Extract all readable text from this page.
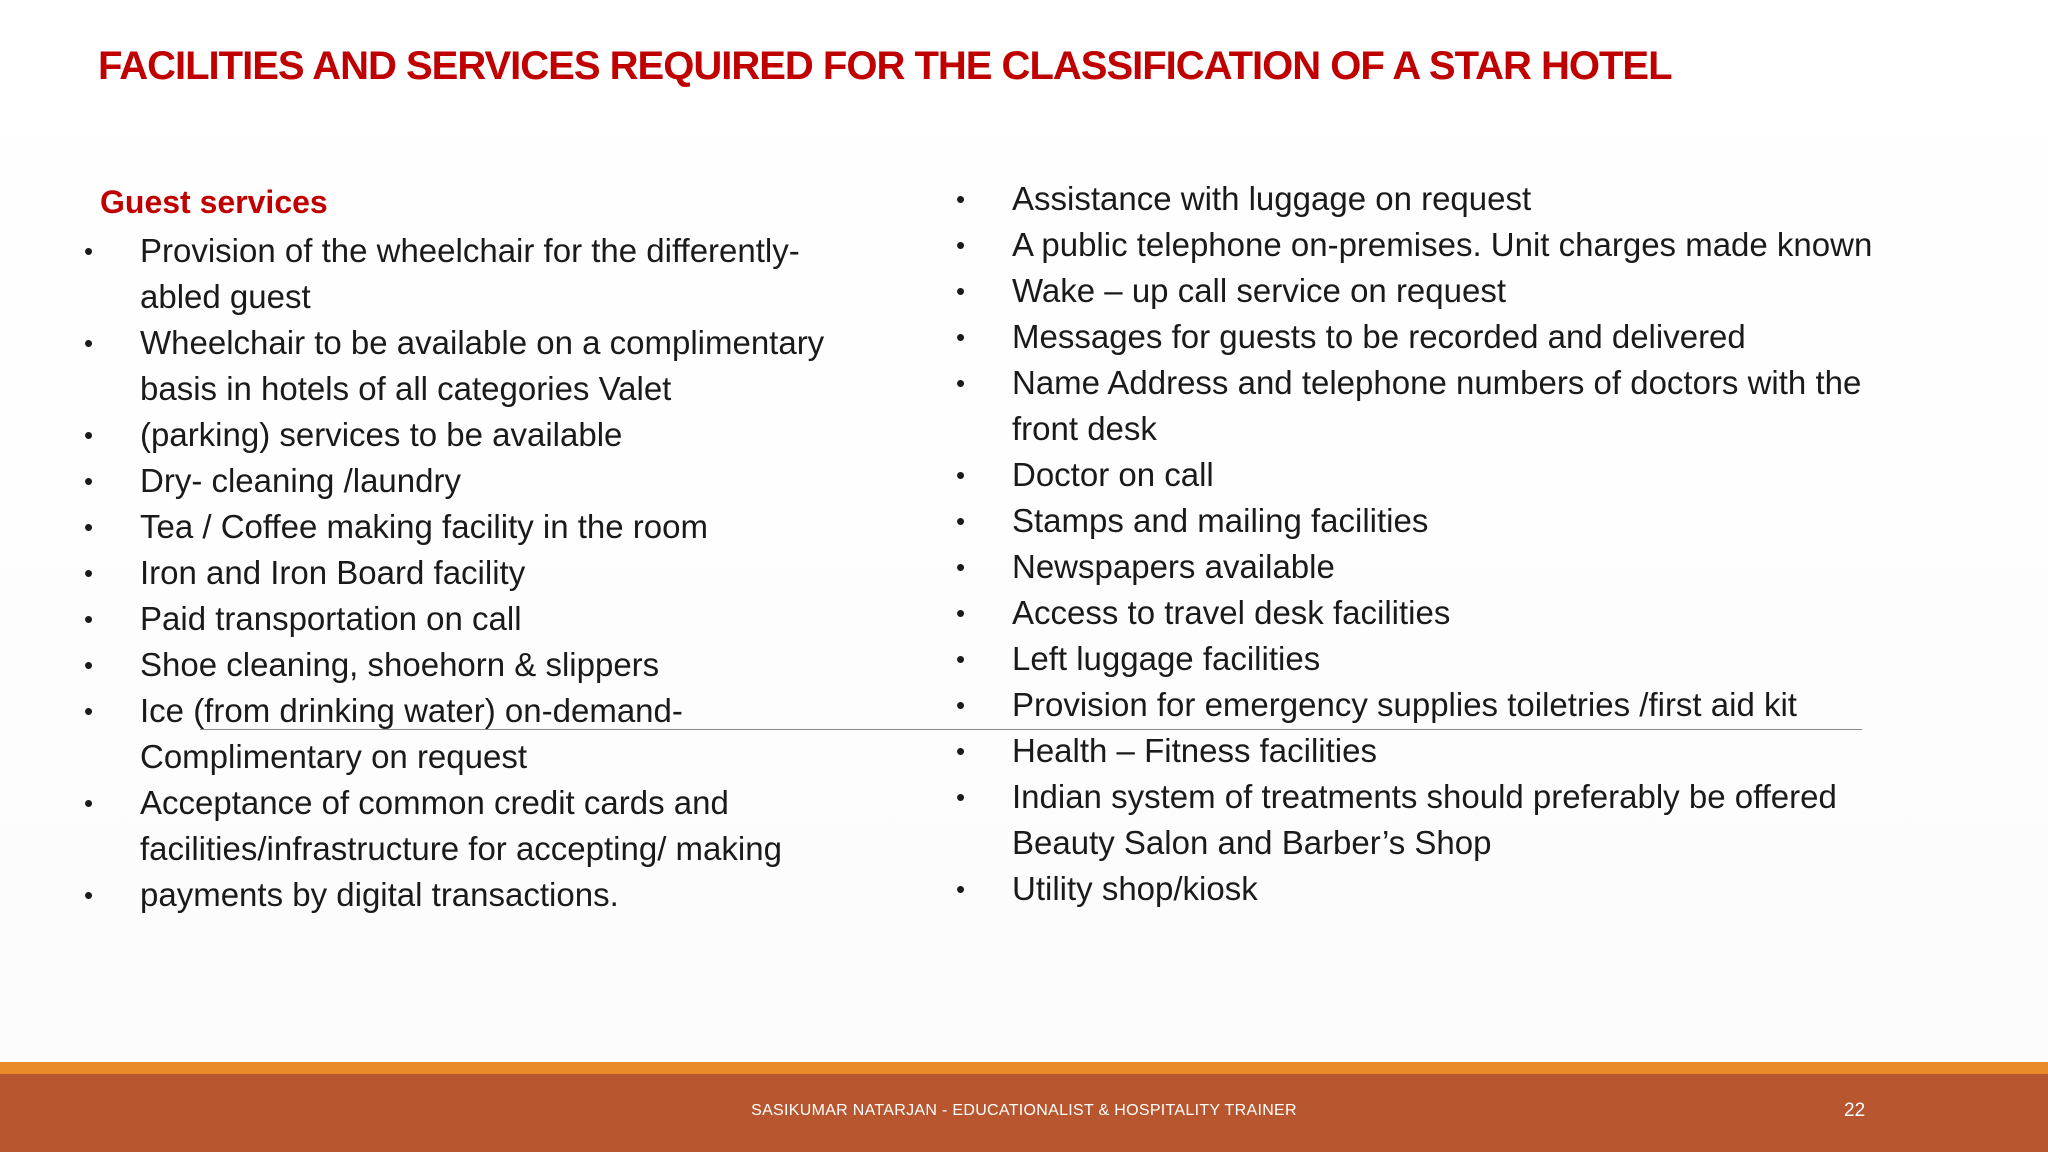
FACILITIES AND SERVICES REQUIRED FOR THE CLASSIFICATION OF A STAR HOTEL
Guest services
•	Provision of the wheelchair for the differently-
abled guest
•	Wheelchair to be available on a complimentary
basis in hotels of all categories Valet
•	(parking) services to be available
•	Dry- cleaning /laundry
•	Tea / Coffee making facility in the room
•	Iron and Iron Board facility
•	Paid transportation on call
•	Shoe cleaning, shoehorn & slippers
•	Ice (from drinking water) on-demand-
Complimentary on request
•	Acceptance of common credit cards and
facilities/infrastructure for accepting/ making
•	payments by digital transactions.
•	Assistance with luggage on request
•	A public telephone on-premises. Unit charges made known
•	Wake – up call service on request
•	Messages for guests to be recorded and delivered
•	Name Address and telephone numbers of doctors with the
front desk
•	Doctor on call
•	Stamps and mailing facilities
•	Newspapers available
•	Access to travel desk facilities
•	Left luggage facilities
•	Provision for emergency supplies toiletries /first aid kit
•	Health – Fitness facilities
•	Indian system of treatments should preferably be offered
Beauty Salon and Barber’s Shop
•	Utility shop/kiosk
SASIKUMAR NATARJAN - EDUCATIONALIST & HOSPITALITY TRAINER	22
